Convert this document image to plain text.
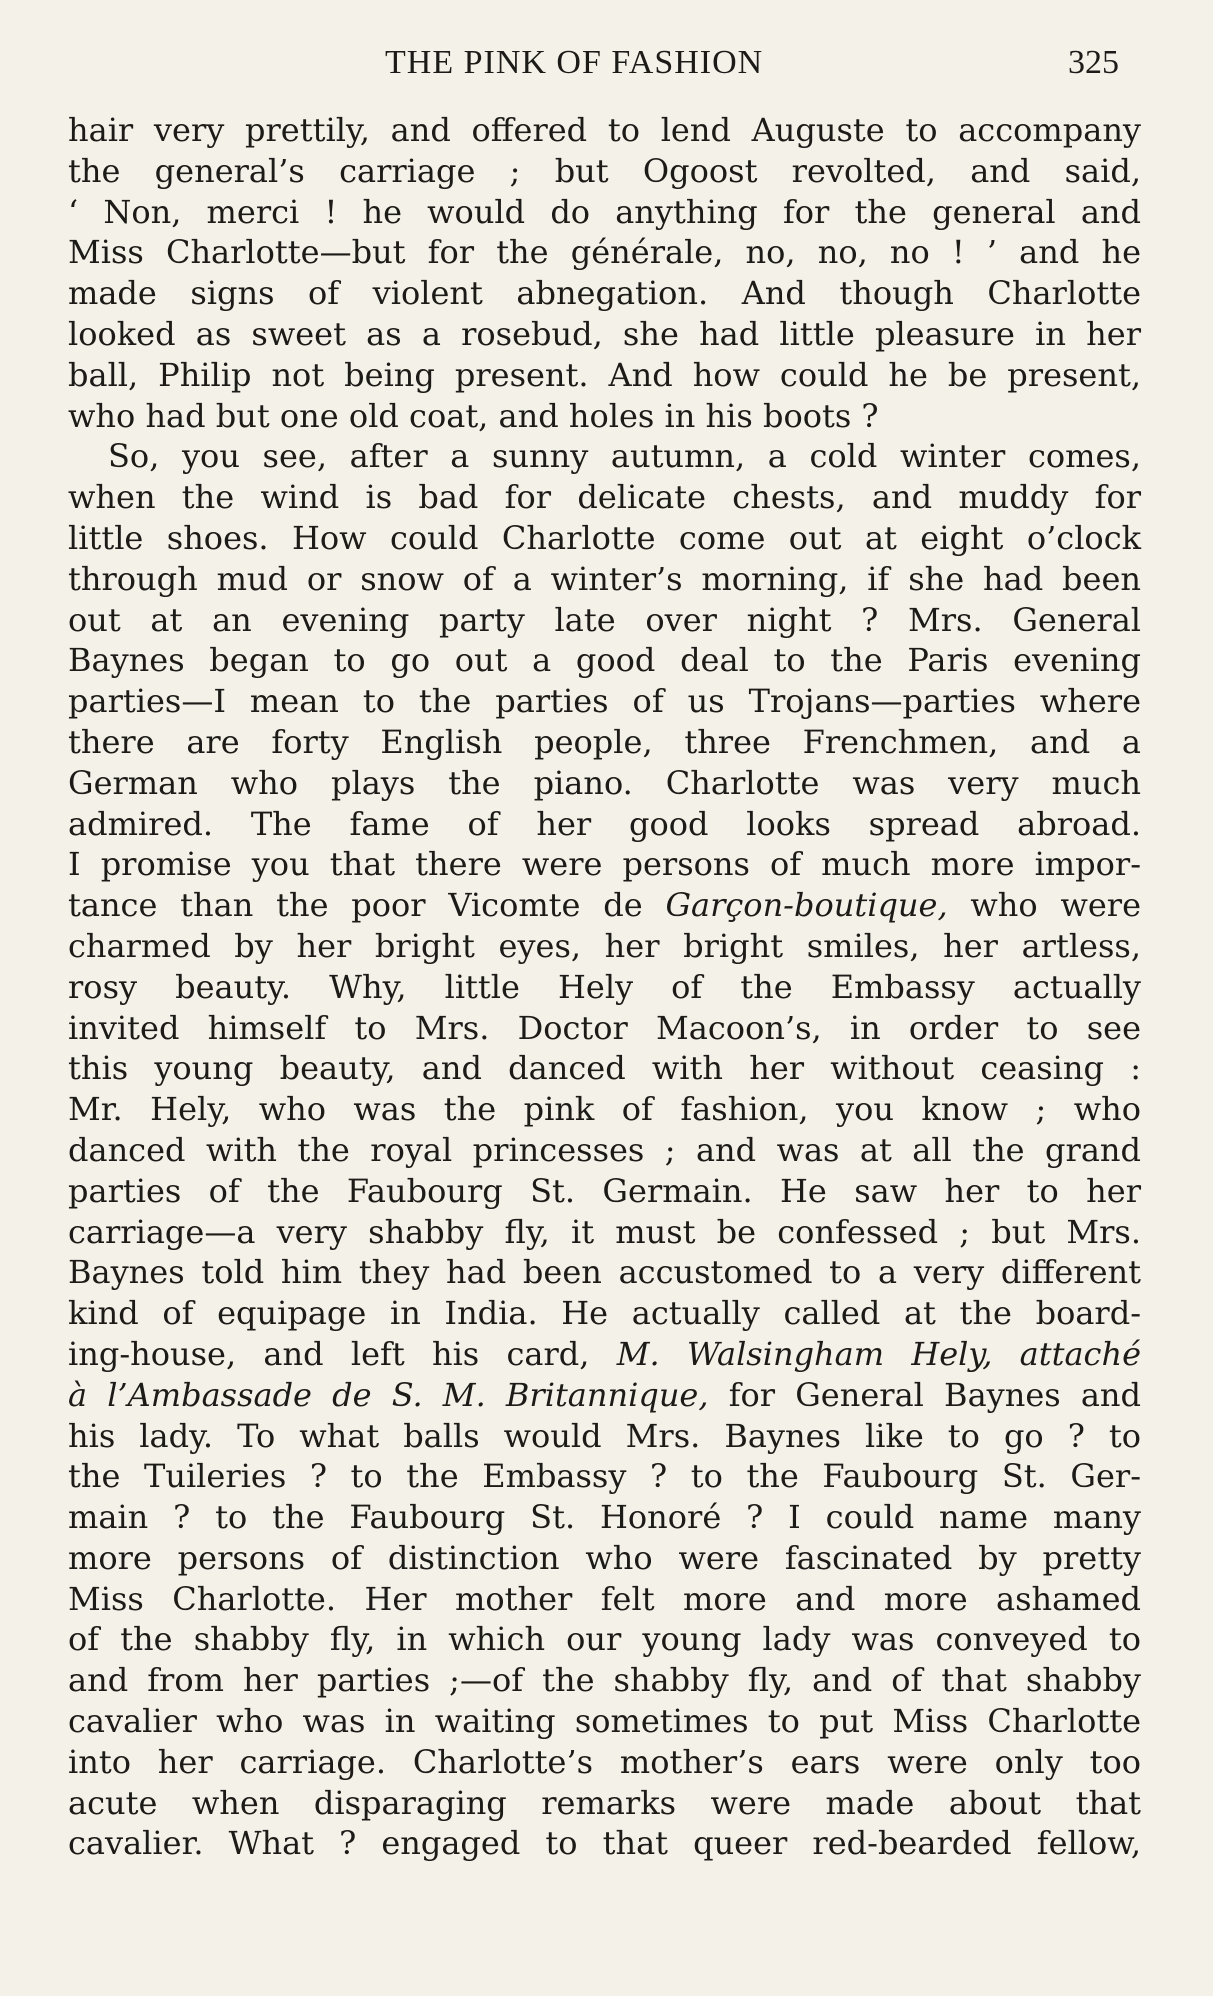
THE PINK OF FASHION	325
hair very prettily, and offered to lend Auguste to accompany
the general’s carriage ; but Ogoost revolted, and said,
‘ Non, merci ! he would do anything for the general and
Miss Charlotte—but for the générale, no, no, no ! ’ and he
made signs of violent abnegation. And though Charlotte
looked as sweet as a rosebud, she had little pleasure in her
ball, Philip not being present. And how could he be present,
who had but one old coat, and holes in his boots ?
So, you see, after a sunny autumn, a cold winter comes,
when the wind is bad for delicate chests, and muddy for
little shoes. How could Charlotte come out at eight o’clock
through mud or snow of a winter’s morning, if she had been
out at an evening party late over night ? Mrs. General
Baynes began to go out a good deal to the Paris evening
parties—I mean to the parties of us Trojans—parties where
there are forty English people, three Frenchmen, and a
German who plays the piano. Charlotte was very much
admired. The fame of her good looks spread abroad.
I promise you that there were persons of much more impor-
tance than the poor Vicomte de Garçon-boutique, who were
charmed by her bright eyes, her bright smiles, her artless,
rosy beauty. Why, little Hely of the Embassy actually
invited himself to Mrs. Doctor Macoon’s, in order to see
this young beauty, and danced with her without ceasing :
Mr. Hely, who was the pink of fashion, you know ; who
danced with the royal princesses ; and was at all the grand
parties of the Faubourg St. Germain. He saw her to her
carriage—a very shabby fly, it must be confessed ; but Mrs.
Baynes told him they had been accustomed to a very different
kind of equipage in India. He actually called at the board-
ing-house, and left his card, M. Walsingham Hely, attaché
à l’Ambassade de S. M. Britannique, for General Baynes and
his lady. To what balls would Mrs. Baynes like to go ? to
the Tuileries ? to the Embassy ? to the Faubourg St. Ger-
main ? to the Faubourg St. Honoré ? I could name many
more persons of distinction who were fascinated by pretty
Miss Charlotte. Her mother felt more and more ashamed
of the shabby fly, in which our young lady was conveyed to
and from her parties ;—of the shabby fly, and of that shabby
cavalier who was in waiting sometimes to put Miss Charlotte
into her carriage. Charlotte’s mother’s ears were only too
acute when disparaging remarks were made about that
cavalier. What ? engaged to that queer red-bearded fellow,
